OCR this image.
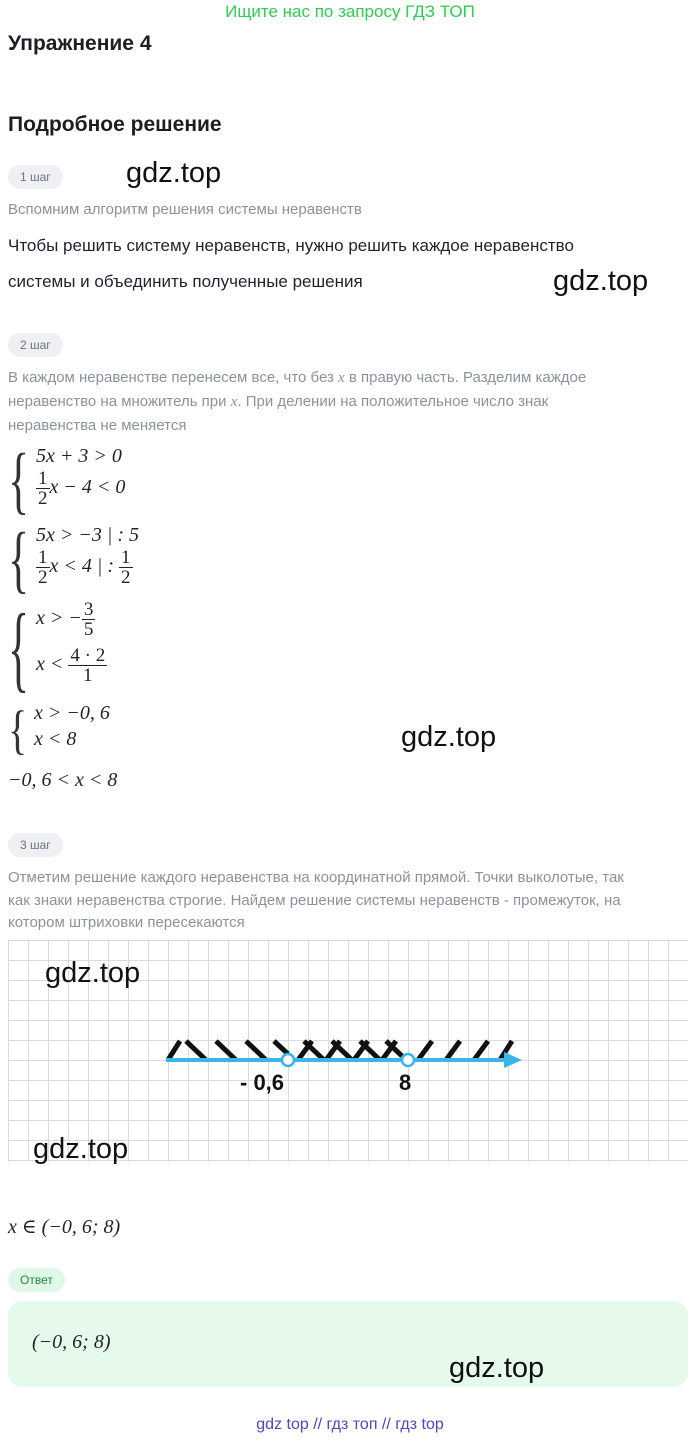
Ищите нас по запросу ГДЗ ТОП
Упражнение 4
Подробное решение
1 шаг	gdz.top
Вспомним алгоритм решения системы неравенств
Чтобы решить систему неравенств, нужно решить каждое неравенство
системы и объединить полученные решения	gdz.top
2 шаг
В каждом неравенстве перенесем все, что без x в правую часть. Разделим каждое
неравенство на множитель при x. При делении на положительное число знак
неравенства не меняется
{ 5x + 3 > 0
$\frac{1}{2}$ x − 4 < 0
{ 5x > −3 | : 5
$\frac{1}{2}$ x < 4 | : $\frac{1}{2}$
{ x > − $\frac{3}{5}$
$x < \frac{4 \cdot 2}{1}$
{ x > −0, 6
x < 8	gdz.top
−0, 6 < x < 8
3 шаг
Отметим решение каждого неравенства на координатной прямой. Точки выколотые, так
как знаки неравенства строгие. Найдем решение системы неравенств - промежуток, на
котором штриховки пересекаются
- 0,6	8
gdz.top
gdz.top
x ∈ (−0, 6; 8)
Ответ
(−0, 6; 8)
gdz.top
gdz top // гдз топ // гдз top
